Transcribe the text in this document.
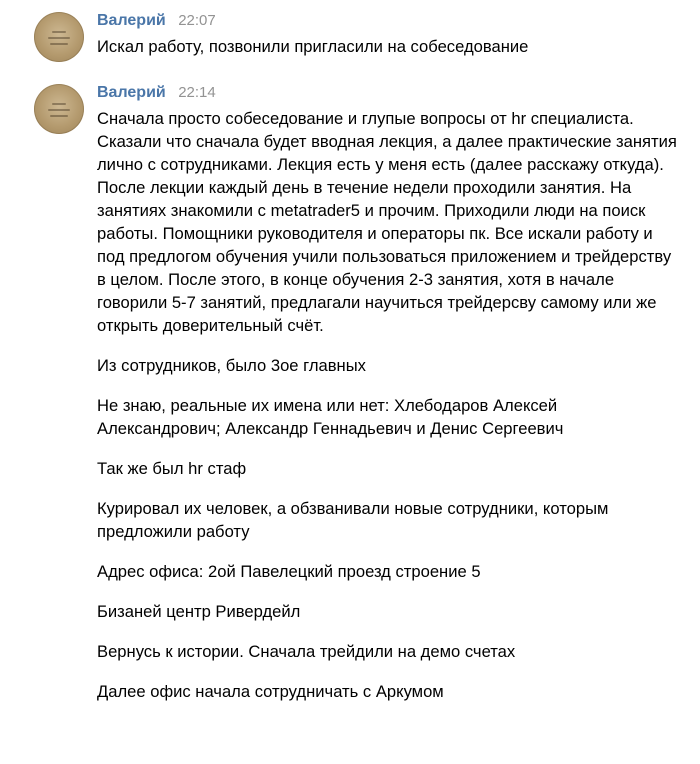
Валерий 22:07

Искал работу, позвонили пригласили на собеседование

Валерий 22:14

Сначала просто собеседование и глупые вопросы от hr специалиста. Сказали что сначала будет вводная лекция, а далее практические занятия лично с сотрудниками. Лекция есть у меня есть (далее расскажу откуда). После лекции каждый день в течение недели проходили занятия. На занятиях знакомили с metatrader5 и прочим. Приходили люди на поиск работы. Помощники руководителя и операторы пк. Все искали работу и под предлогом обучения учили пользоваться приложением и трейдерству в целом. После этого, в конце обучения 2-3 занятия, хотя в начале говорили 5-7 занятий, предлагали научиться трейдерсву самому или же открыть доверительный счёт.

Из сотрудников, было 3ое главных

Не знаю, реальные их имена или нет: Хлебодаров Алексей Александрович; Александр Геннадьевич и Денис Сергеевич

Так же был hr стаф

Курировал их человек, а обзванивали новые сотрудники, которым предложили работу

Адрес офиса: 2ой Павелецкий проезд строение 5

Бизаней центр Ривердейл

Вернусь к истории. Сначала трейдили на демо счетах

Далее офис начала сотрудничать с Аркумом
